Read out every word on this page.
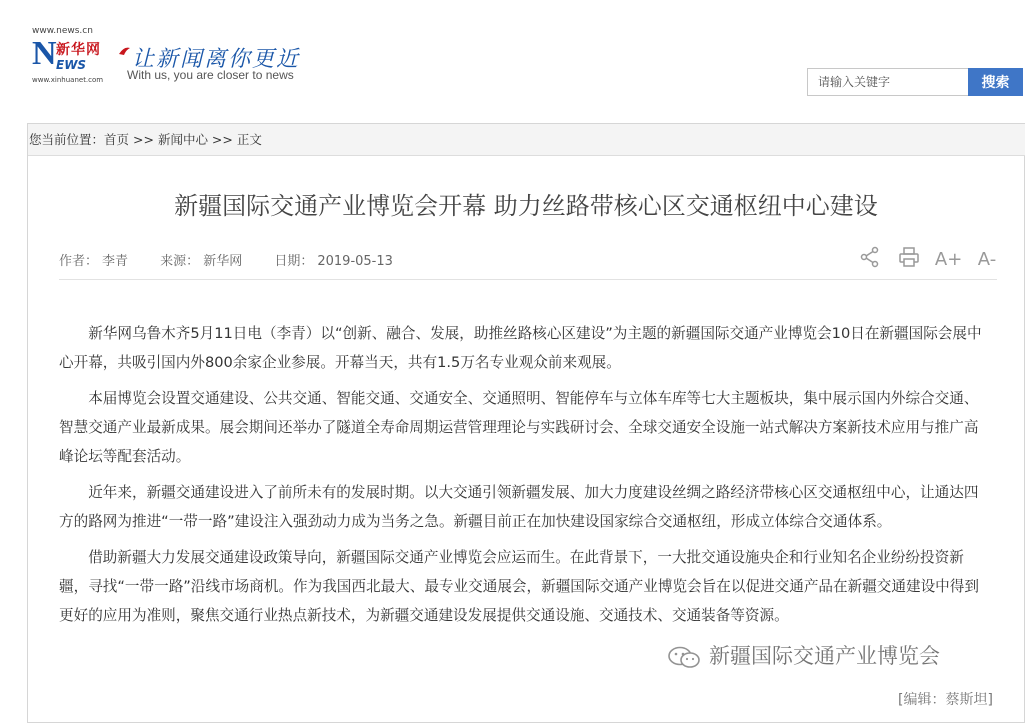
www.news.cn
N 新华网
EWS
www.xinhuanet.com
让新闻离你更近
With us, you are closer to news
请输入关键字	搜索
您当前位置：首页 >> 新闻中心 >> 正文
新疆国际交通产业博览会开幕 助力丝路带核心区交通枢纽中心建设
作者： 李青 来源： 新华网 日期： 2019-05-13	A+ A-

新华网乌鲁木齐5月11日电（李青）以“创新、融合、发展，助推丝路核心区建设”为主题的新疆国际交通产业博览会10日在新疆国际会展中心开幕，共吸引国内外800余家企业参展。开幕当天，共有1.5万名专业观众前来观展。

本届博览会设置交通建设、公共交通、智能交通、交通安全、交通照明、智能停车与立体车库等七大主题板块，集中展示国内外综合交通、智慧交通产业最新成果。展会期间还举办了隧道全寿命周期运营管理理论与实践研讨会、全球交通安全设施一站式解决方案新技术应用与推广高峰论坛等配套活动。

近年来，新疆交通建设进入了前所未有的发展时期。以大交通引领新疆发展、加大力度建设丝绸之路经济带核心区交通枢纽中心，让通达四方的路网为推进“一带一路”建设注入强劲动力成为当务之急。新疆目前正在加快建设国家综合交通枢纽，形成立体综合交通体系。

借助新疆大力发展交通建设政策导向，新疆国际交通产业博览会应运而生。在此背景下，一大批交通设施央企和行业知名企业纷纷投资新疆，寻找“一带一路”沿线市场商机。作为我国西北最大、最专业交通展会，新疆国际交通产业博览会旨在以促进交通产品在新疆交通建设中得到更好的应用为准则，聚焦交通行业热点新技术，为新疆交通建设发展提供交通设施、交通技术、交通装备等资源。

新疆国际交通产业博览会
[编辑：蔡斯坦]
